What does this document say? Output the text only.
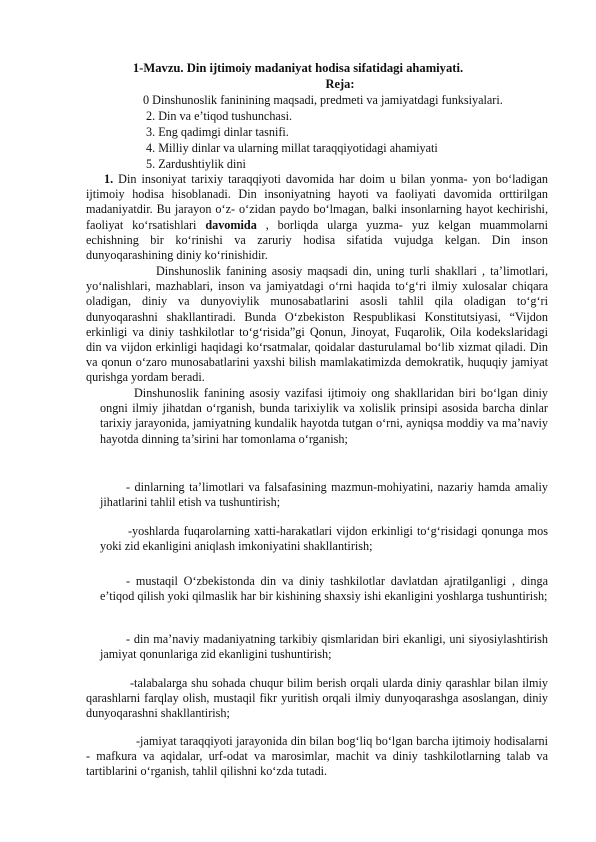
1-Mavzu. Din ijtimoiy madaniyat hodisa sifatidagi ahamiyati.
Reja:
0 Dinshunoslik faninining maqsadi, predmeti va jamiyatdagi funksiyalari.
2. Din va e’tiqod tushunchasi.
3. Eng qadimgi dinlar tasnifi.
4. Milliy dinlar va ularning millat taraqqiyotidagi ahamiyati
5. Zardushtiylik dini

1. Din insoniyat tarixiy taraqqiyoti davomida har doim u bilan yonma- yon bo‘ladigan ijtimoiy hodisa hisoblanadi. Din insoniyatning hayoti va faoliyati davomida orttirilgan madaniyatdir. Bu jarayon o‘z- o‘zidan paydo bo‘lmagan, balki insonlarning hayot kechirishi, faoliyat ko‘rsatishlari davomida , borliqda ularga yuzma- yuz kelgan muammolarni echishning bir ko‘rinishi va zaruriy hodisa sifatida vujudga kelgan. Din inson dunyoqarashining diniy ko‘rinishidir.

Dinshunoslik fanining asosiy maqsadi din, uning turli shakllari , ta’limotlari, yo‘nalishlari, mazhablari, inson va jamiyatdagi o‘rni haqida to‘g‘ri ilmiy xulosalar chiqara oladigan, diniy va dunyoviylik munosabatlarini asosli tahlil qila oladigan to‘g‘ri dunyoqarashni shakllantiradi. Bunda O‘zbekiston Respublikasi Konstitutsiyasi, “Vijdon erkinligi va diniy tashkilotlar to‘g‘risida”gi Qonun, Jinoyat, Fuqarolik, Oila kodekslaridagi din va vijdon erkinligi haqidagi ko‘rsatmalar, qoidalar dasturulamal bo‘lib xizmat qiladi. Din va qonun o‘zaro munosabatlarini yaxshi bilish mamlakatimizda demokratik, huquqiy jamiyat qurishga yordam beradi.

Dinshunoslik fanining asosiy vazifasi ijtimoiy ong shakllaridan biri bo‘lgan diniy ongni ilmiy jihatdan o‘rganish, bunda tarixiylik va xolislik prinsipi asosida barcha dinlar tarixiy jarayonida, jamiyatning kundalik hayotda tutgan o‘rni, ayniqsa moddiy va ma’naviy hayotda dinning ta’sirini har tomonlama o‘rganish;

- dinlarning ta’limotlari va falsafasining mazmun-mohiyatini, nazariy hamda amaliy jihatlarini tahlil etish va tushuntirish;

-yoshlarda fuqarolarning xatti-harakatlari vijdon erkinligi to‘g‘risidagi qonunga mos yoki zid ekanligini aniqlash imkoniyatini shakllantirish;

- mustaqil O‘zbekistonda din va diniy tashkilotlar davlatdan ajratilganligi , dinga e’tiqod qilish yoki qilmaslik har bir kishining shaxsiy ishi ekanligini yoshlarga tushuntirish;

- din ma’naviy madaniyatning tarkibiy qismlaridan biri ekanligi, uni siyosiylashtirish jamiyat qonunlariga zid ekanligini tushuntirish;

-talabalarga shu sohada chuqur bilim berish orqali ularda diniy qarashlar bilan ilmiy qarashlarni farqlay olish, mustaqil fikr yuritish orqali ilmiy dunyoqarashga asoslangan, diniy dunyoqarashni shakllantirish;

-jamiyat taraqqiyoti jarayonida din bilan bog‘liq bo‘lgan barcha ijtimoiy hodisalarni - mafkura va aqidalar, urf-odat va marosimlar, machit va diniy tashkilotlarning talab va tartiblarini o‘rganish, tahlil qilishni ko‘zda tutadi.
